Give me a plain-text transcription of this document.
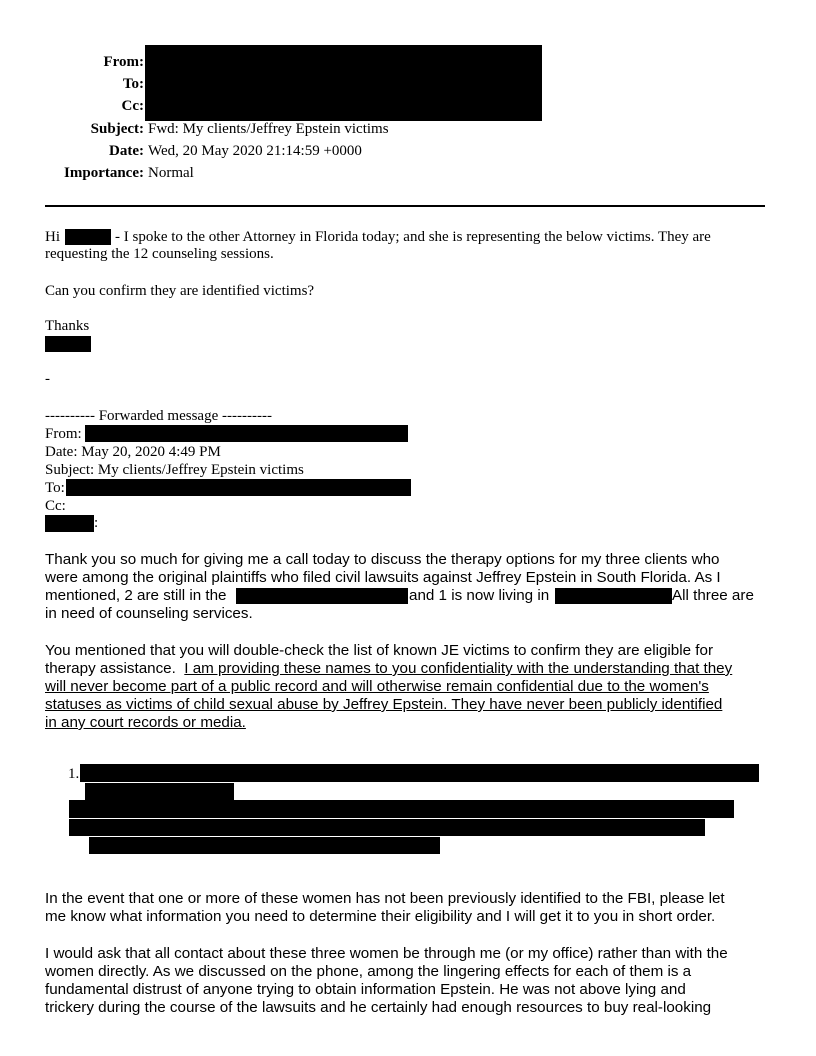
From:
To:
Cc:
Subject: Fwd: My clients/Jeffrey Epstein victims
Date: Wed, 20 May 2020 21:14:59 +0000
Importance: Normal
Hi	- I spoke to the other Attorney in Florida today; and she is representing the below victims. They are
requesting the 12 counseling sessions.
Can you confirm they are identified victims?
Thanks
-
---------- Forwarded message ----------
From:
Date: May 20, 2020 4:49 PM
Subject: My clients/Jeffrey Epstein victims
To:
Cc:
:
Thank you so much for giving me a call today to discuss the therapy options for my three clients who
were among the original plaintiffs who filed civil lawsuits against Jeffrey Epstein in South Florida. As I
mentioned, 2 are still in the	and 1 is now living in	All three are
in need of counseling services.
You mentioned that you will double-check the list of known JE victims to confirm they are eligible for
therapy assistance.  I am providing these names to you confidentiality with the understanding that they
will never become part of a public record and will otherwise remain confidential due to the women's
statuses as victims of child sexual abuse by Jeffrey Epstein. They have never been publicly identified
in any court records or media.
1.
In the event that one or more of these women has not been previously identified to the FBI, please let
me know what information you need to determine their eligibility and I will get it to you in short order.
I would ask that all contact about these three women be through me (or my office) rather than with the
women directly. As we discussed on the phone, among the lingering effects for each of them is a
fundamental distrust of anyone trying to obtain information Epstein. He was not above lying and
trickery during the course of the lawsuits and he certainly had enough resources to buy real-looking
